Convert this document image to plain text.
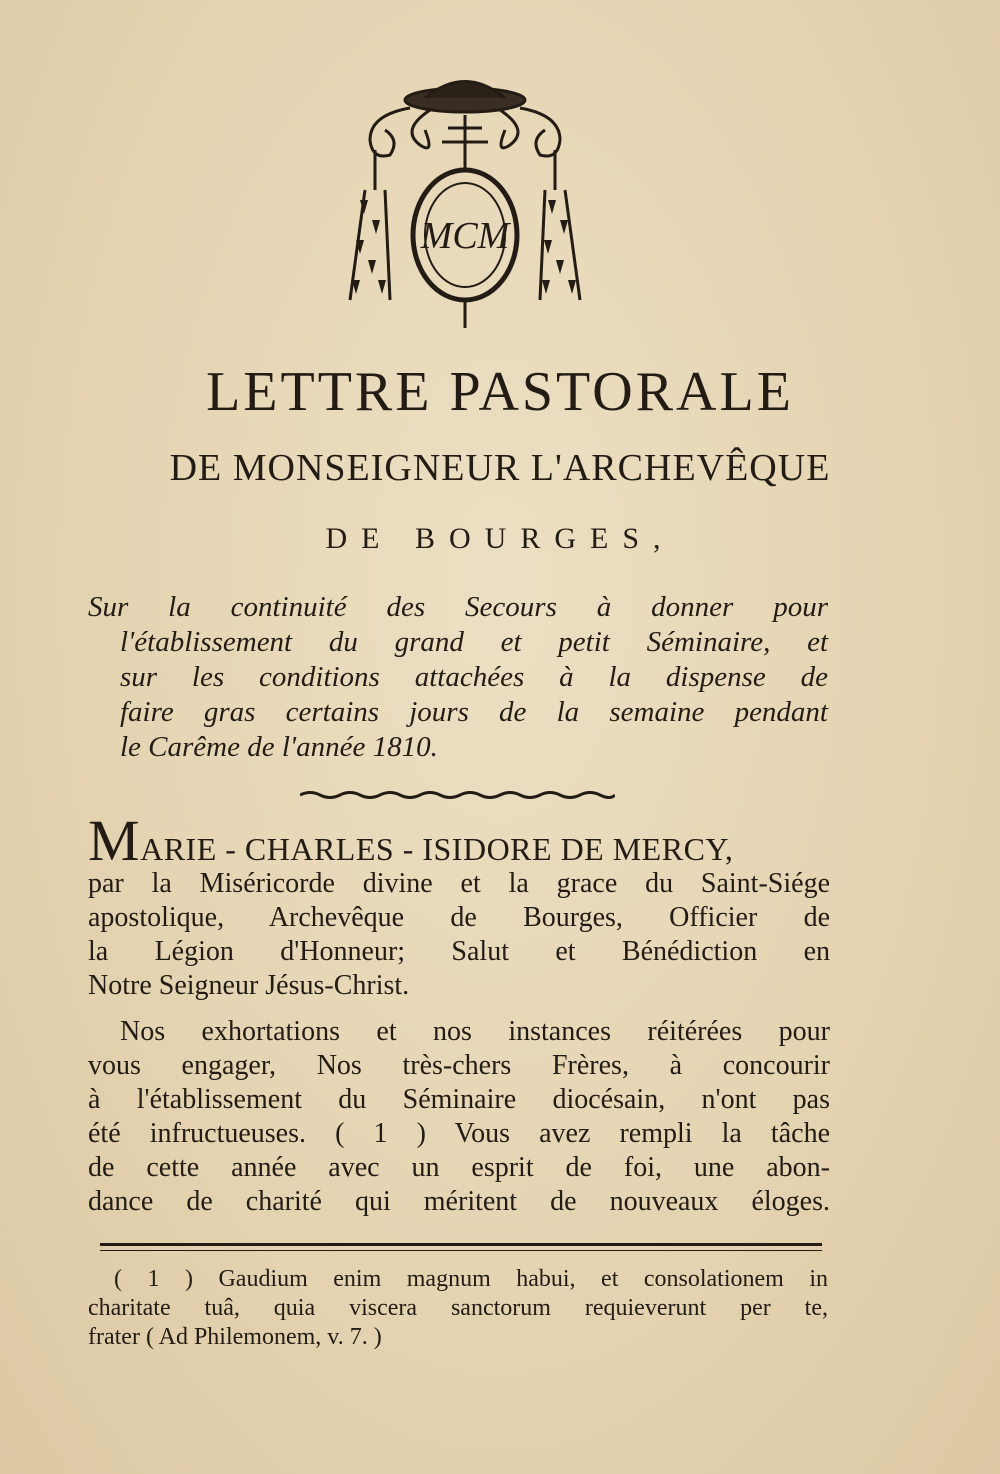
MCM
LETTRE PASTORALE
DE MONSEIGNEUR L'ARCHEVÊQUE
DE BOURGES,

Sur la continuité des Secours à donner pour
l'établissement du grand et petit Séminaire, et
sur les conditions attachées à la dispense de
faire gras certains jours de la semaine pendant
le Carême de l'année 1810.

MARIE - CHARLES - ISIDORE DE MERCY,
par la Miséricorde divine et la grace du Saint-Siége
apostolique, Archevêque de Bourges, Officier de
la Légion d'Honneur; Salut et Bénédiction en
Notre Seigneur Jésus-Christ.
Nos exhortations et nos instances réitérées pour
vous engager, Nos très-chers Frères, à concourir
à l'établissement du Séminaire diocésain, n'ont pas
été infructueuses. ( 1 ) Vous avez rempli la tâche
de cette année avec un esprit de foi, une abon-
dance de charité qui méritent de nouveaux éloges.
( 1 ) Gaudium enim magnum habui, et consolationem in
charitate tuâ, quia viscera sanctorum requieverunt per te,
frater ( Ad Philemonem, v. 7. )
